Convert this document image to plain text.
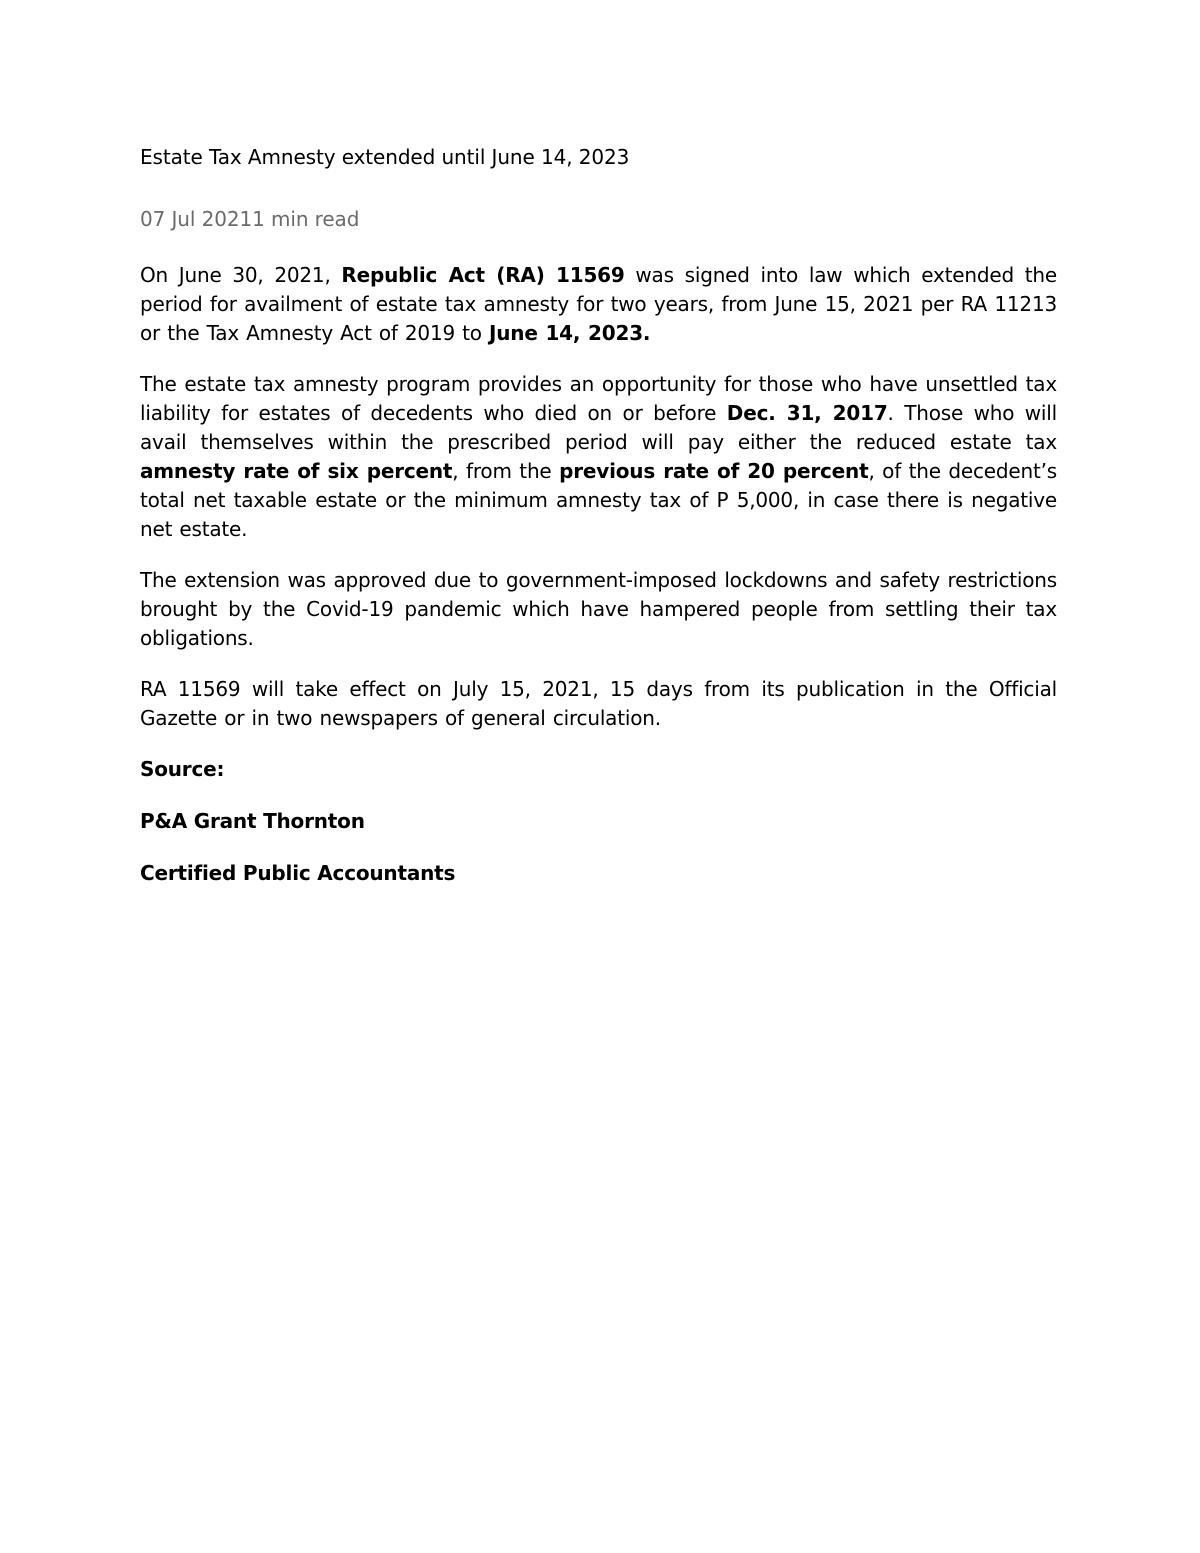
Estate Tax Amnesty extended until June 14, 2023
07 Jul 20211 min read

On June 30, 2021, Republic Act (RA) 11569 was signed into law which extended the period for availment of estate tax amnesty for two years, from June 15, 2021 per RA 11213 or the Tax Amnesty Act of 2019 to June 14, 2023.

The estate tax amnesty program provides an opportunity for those who have unsettled tax liability for estates of decedents who died on or before Dec. 31, 2017. Those who will avail themselves within the prescribed period will pay either the reduced estate tax amnesty rate of six percent, from the previous rate of 20 percent, of the decedent’s total net taxable estate or the minimum amnesty tax of P 5,000, in case there is negative net estate.

The extension was approved due to government-imposed lockdowns and safety restrictions brought by the Covid-19 pandemic which have hampered people from settling their tax obligations.

RA 11569 will take effect on July 15, 2021, 15 days from its publication in the Official Gazette or in two newspapers of general circulation.

Source:
P&A Grant Thornton
Certified Public Accountants
